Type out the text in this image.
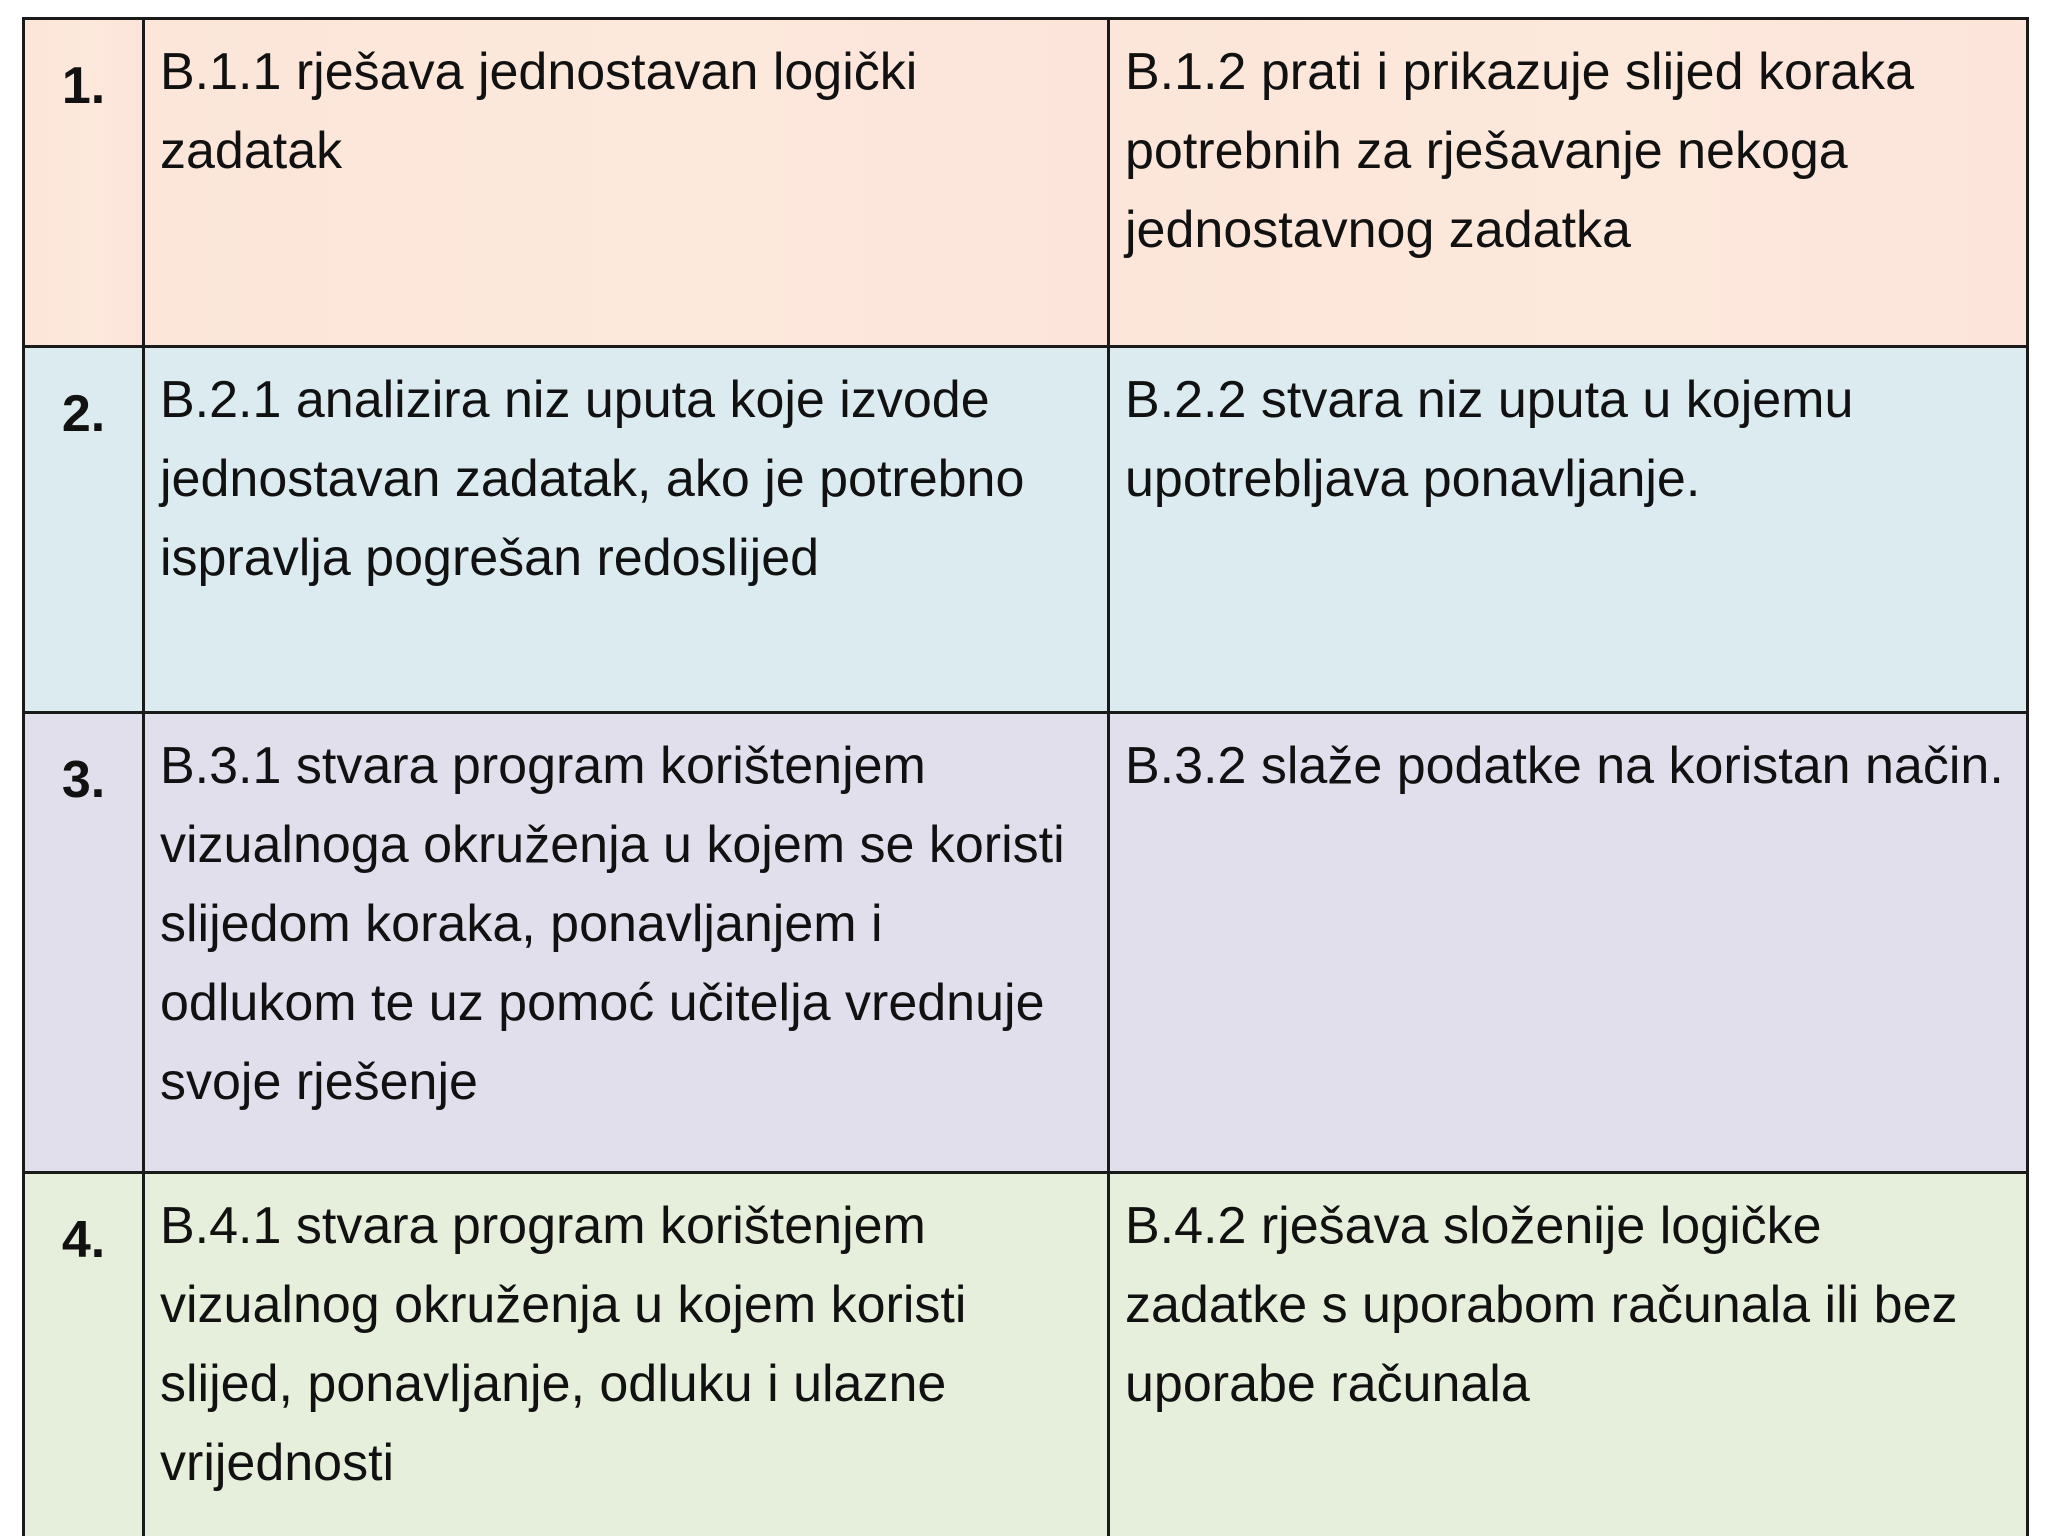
1.	B.1.1 rješava jednostavan logički zadatak	B.1.2 prati i prikazuje slijed koraka potrebnih za rješavanje nekoga jednostavnog zadatka
2.	B.2.1 analizira niz uputa koje izvode jednostavan zadatak, ako je potrebno ispravlja pogrešan redoslijed	B.2.2 stvara niz uputa u kojemu upotrebljava ponavljanje.
3.	B.3.1 stvara program korištenjem vizualnoga okruženja u kojem se koristi slijedom koraka, ponavljanjem i odlukom te uz pomoć učitelja vrednuje svoje rješenje	B.3.2 slaže podatke na koristan način.
4.	B.4.1 stvara program korištenjem vizualnog okruženja u kojem koristi slijed, ponavljanje, odluku i ulazne vrijednosti	B.4.2 rješava složenije logičke zadatke s uporabom računala ili bez uporabe računala
